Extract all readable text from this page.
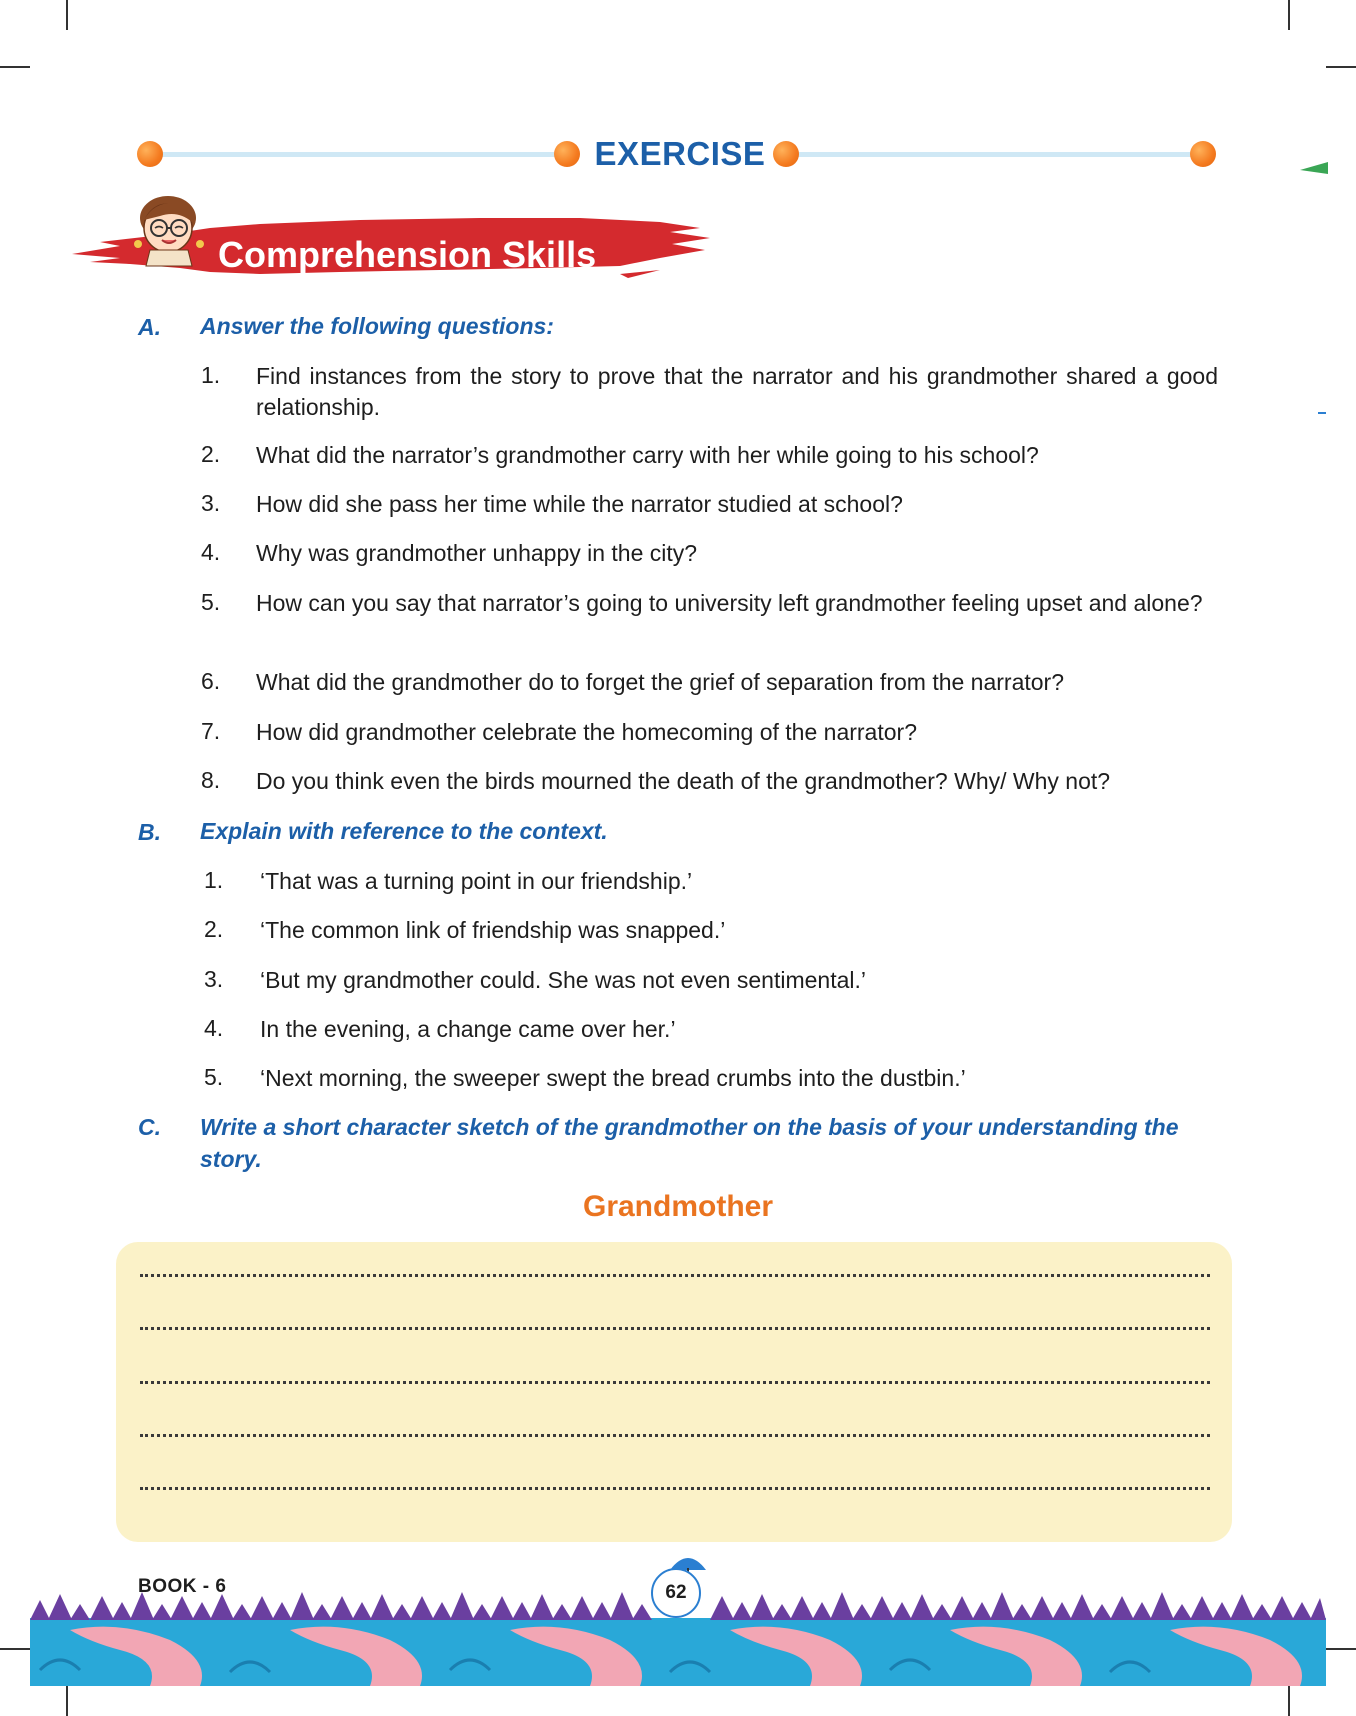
EXERCISE
Comprehension Skills
A. Answer the following questions:
1. Find instances from the story to prove that the narrator and his grandmother shared a good relationship.
2. What did the narrator’s grandmother carry with her while going to his school?
3. How did she pass her time while the narrator studied at school?
4. Why was grandmother unhappy in the city?
5. How can you say that narrator’s going to university left grandmother feeling upset and alone?
6. What did the grandmother do to forget the grief of separation from the narrator?
7. How did grandmother celebrate the homecoming of the narrator?
8. Do you think even the birds mourned the death of the grandmother? Why/ Why not?
B. Explain with reference to the context.
1. ‘That was a turning point in our friendship.’
2. ‘The common link of friendship was snapped.’
3. ‘But my grandmother could. She was not even sentimental.’
4. In the evening, a change came over her.’
5. ‘Next morning, the sweeper swept the bread crumbs into the dustbin.’
C. Write a short character sketch of the grandmother on the basis of your understanding the story.
Grandmother
BOOK - 6	62
